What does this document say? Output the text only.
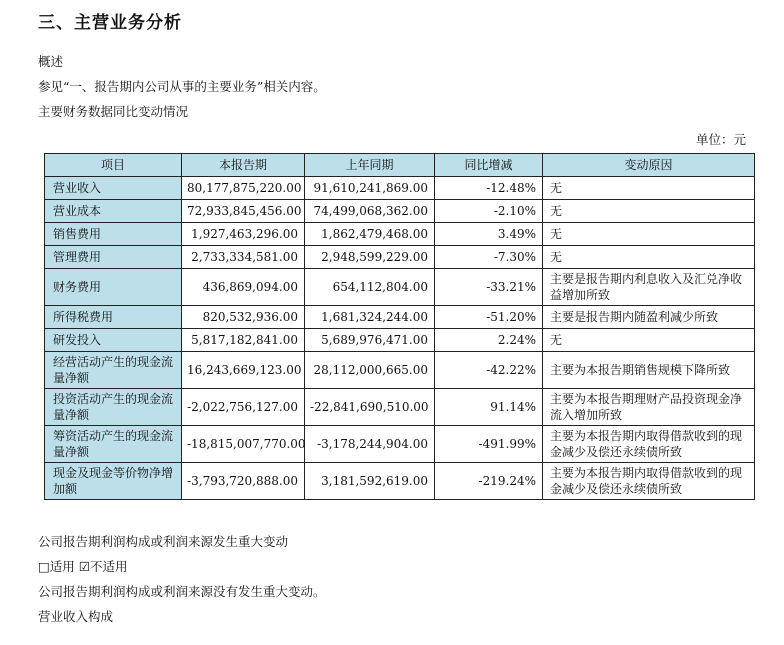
三、主营业务分析
概述
参见“一、报告期内公司从事的主要业务”相关内容。
主要财务数据同比变动情况
单位：元
项目	本报告期	上年同期	同比增减	变动原因
营业收入	80,177,875,220.00	91,610,241,869.00	-12.48%	无
营业成本	72,933,845,456.00	74,499,068,362.00	-2.10%	无
销售费用	1,927,463,296.00	1,862,479,468.00	3.49%	无
管理费用	2,733,334,581.00	2,948,599,229.00	-7.30%	无
财务费用	436,869,094.00	654,112,804.00	-33.21%	主要是报告期内利息收入及汇兑净收益增加所致
所得税费用	820,532,936.00	1,681,324,244.00	-51.20%	主要是报告期内随盈利减少所致
研发投入	5,817,182,841.00	5,689,976,471.00	2.24%	无
经营活动产生的现金流量净额	16,243,669,123.00	28,112,000,665.00	-42.22%	主要为本报告期销售规模下降所致
投资活动产生的现金流量净额	-2,022,756,127.00	-22,841,690,510.00	91.14%	主要为本报告期理财产品投资现金净流入增加所致
筹资活动产生的现金流量净额	-18,815,007,770.00	-3,178,244,904.00	-491.99%	主要为本报告期内取得借款收到的现金减少及偿还永续债所致
现金及现金等价物净增加额	-3,793,720,888.00	3,181,592,619.00	-219.24%	主要为本报告期内取得借款收到的现金减少及偿还永续债所致
公司报告期利润构成或利润来源发生重大变动
□适用 ☑不适用
公司报告期利润构成或利润来源没有发生重大变动。
营业收入构成
